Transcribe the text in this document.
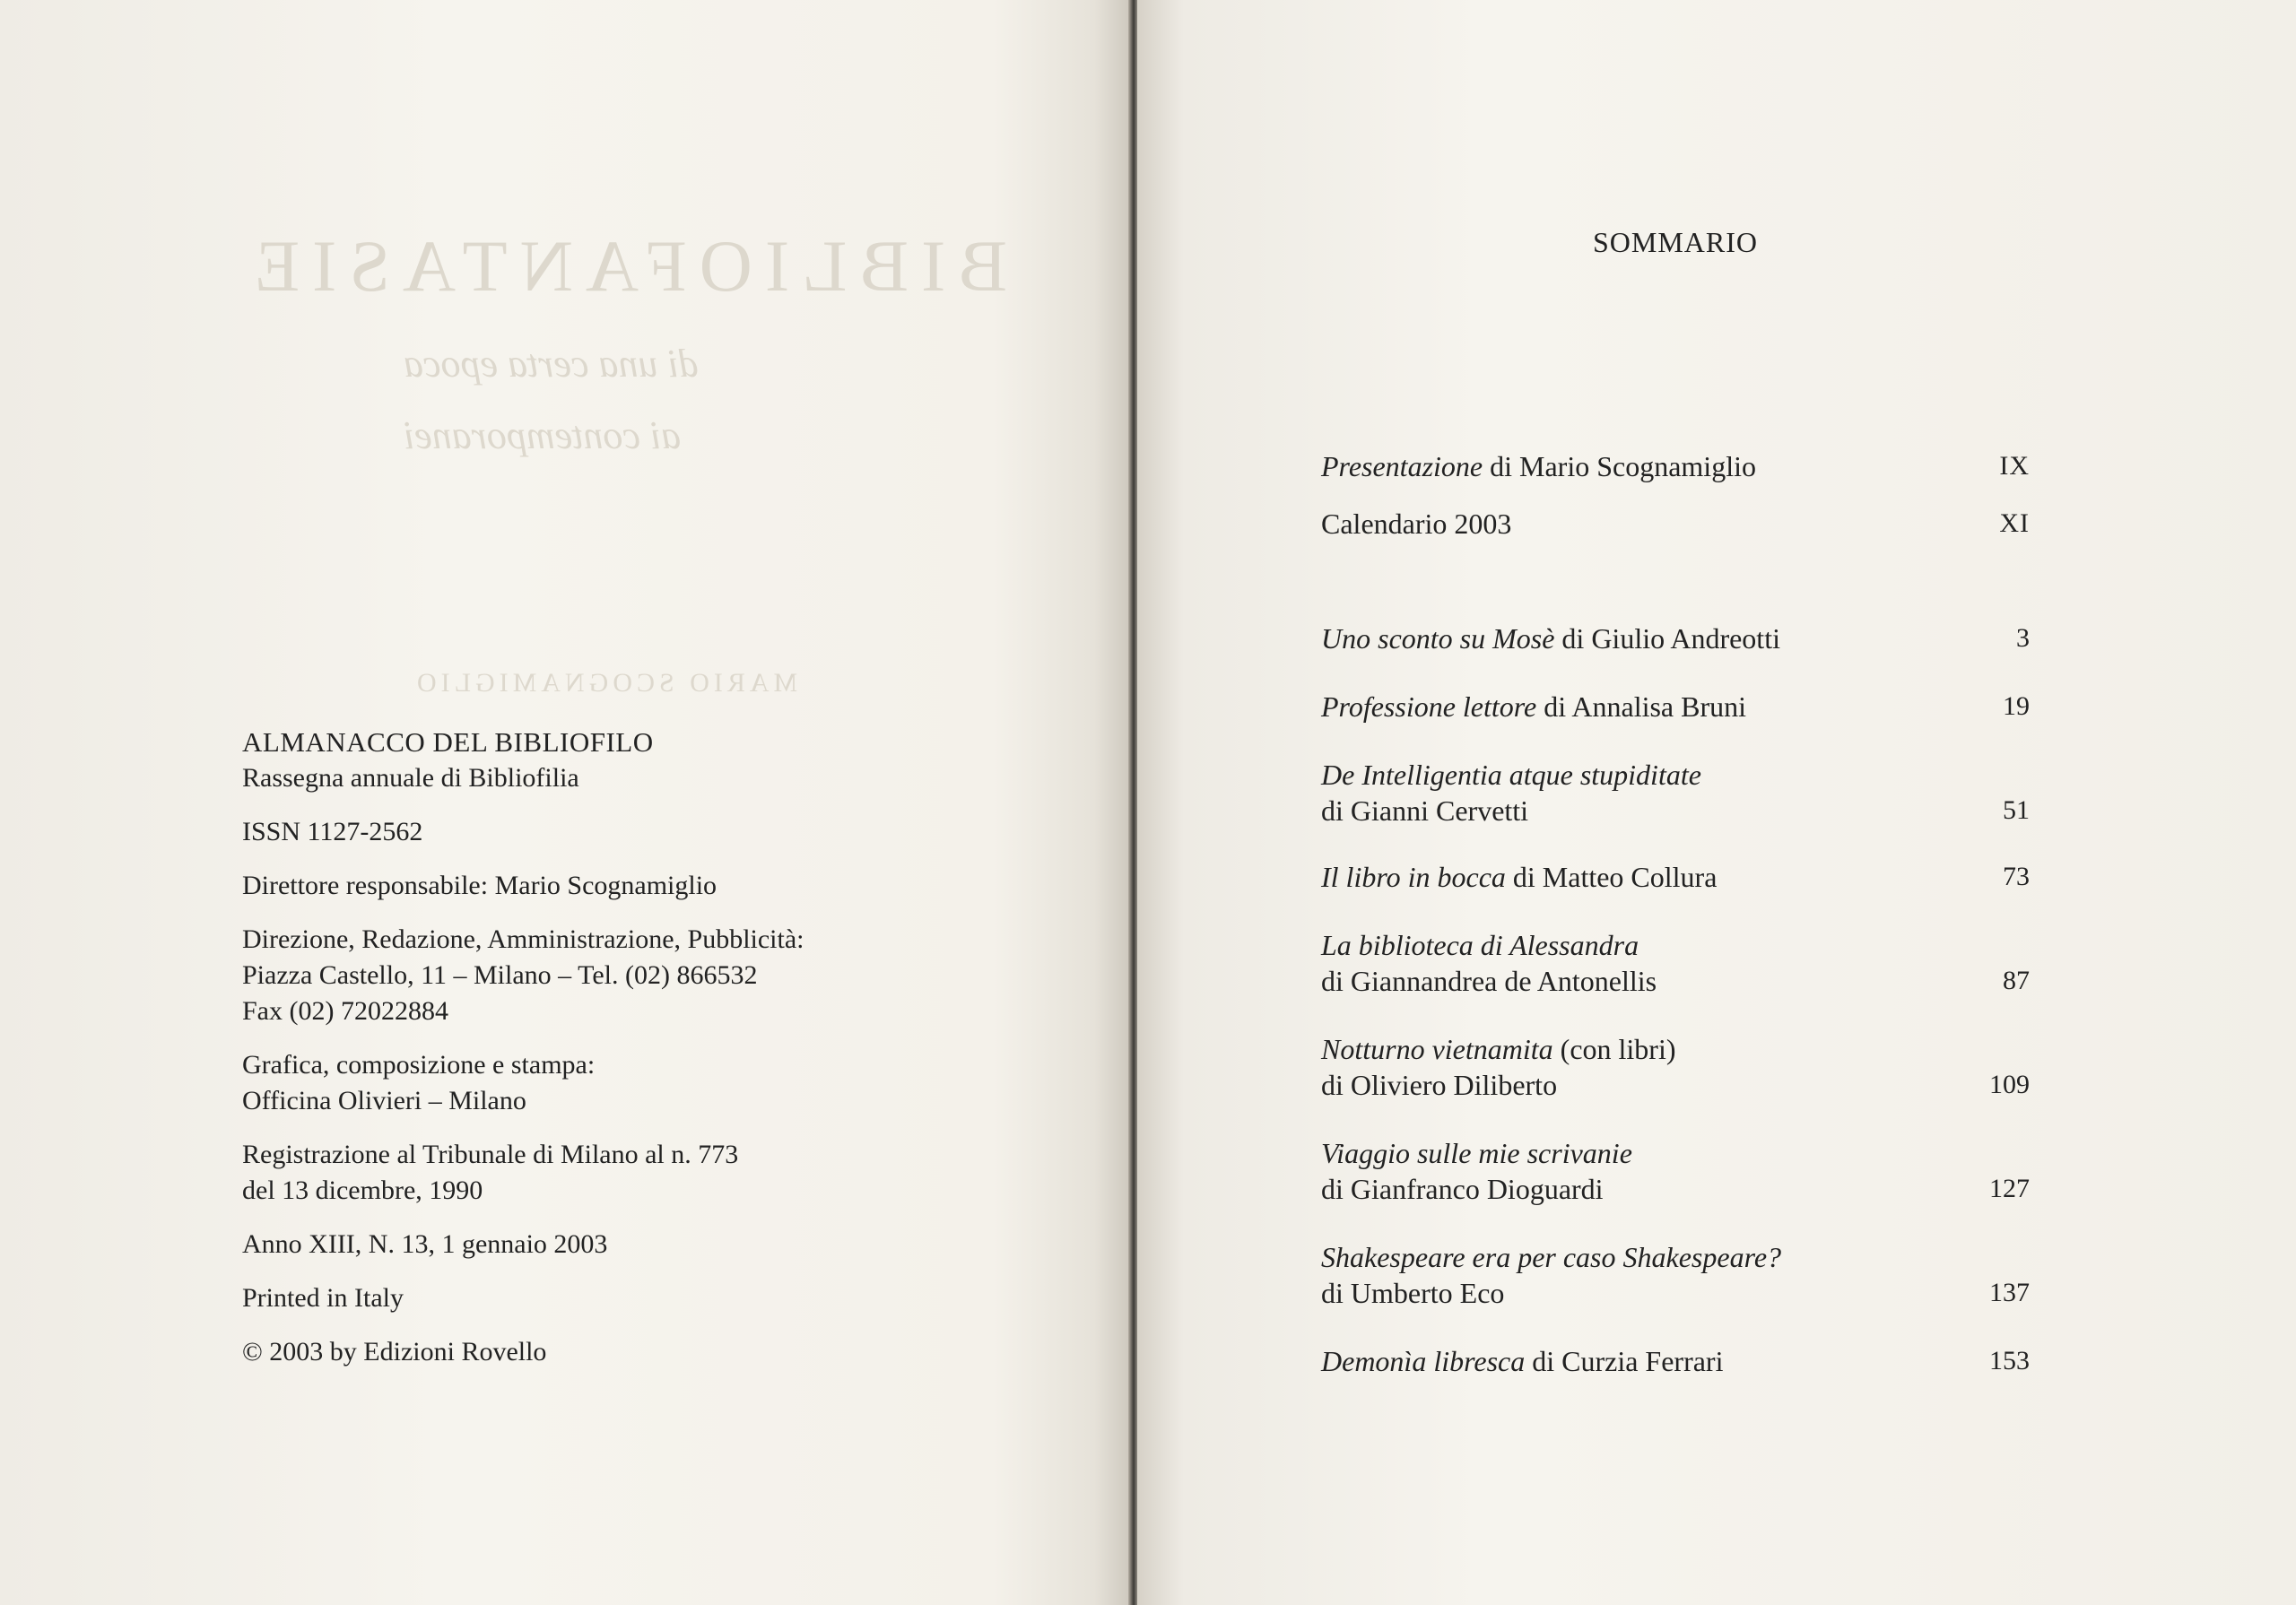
BIBLIOFANTASIE
di una certa epoca
ai contemporanei
MARIO SCOGNAMIGLIO

ALMANACCO DEL BIBLIOFILO

Rassegna annuale di Bibliofilia

ISSN 1127-2562

Direttore responsabile: Mario Scognamiglio

Direzione, Redazione, Amministrazione, Pubblicità:
Piazza Castello, 11 – Milano – Tel. (02) 866532
Fax (02) 72022884

Grafica, composizione e stampa:
Officina Olivieri – Milano

Registrazione al Tribunale di Milano al n. 773
del 13 dicembre, 1990

Anno XIII, N. 13, 1 gennaio 2003

Printed in Italy

© 2003 by Edizioni Rovello

SOMMARIO
Presentazione di Mario Scognamiglio	IX
Calendario 2003	XI
Uno sconto su Mosè di Giulio Andreotti	3
Professione lettore di Annalisa Bruni	19
De Intelligentia atque stupiditate
di Gianni Cervetti	51
Il libro in bocca di Matteo Collura	73
La biblioteca di Alessandra
di Giannandrea de Antonellis	87
Notturno vietnamita (con libri)
di Oliviero Diliberto	109
Viaggio sulle mie scrivanie
di Gianfranco Dioguardi	127
Shakespeare era per caso Shakespeare?
di Umberto Eco	137
Demonìa libresca di Curzia Ferrari	153
